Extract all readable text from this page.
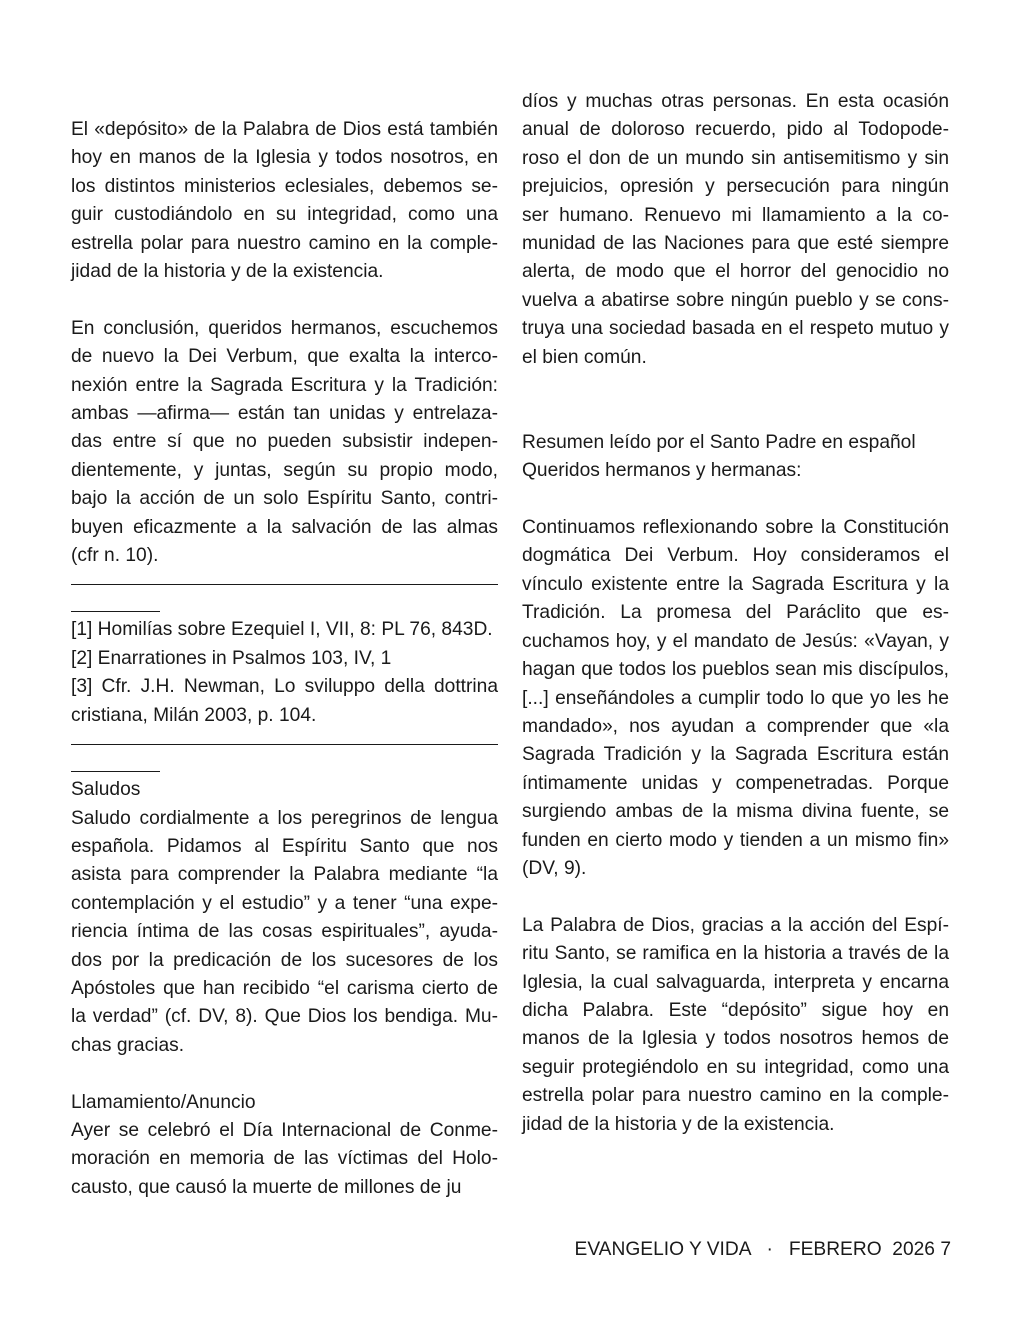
El «depósito» de la Palabra de Dios está también hoy en manos de la Iglesia y todos nosotros, en los distintos ministerios eclesiales, debemos seguir custodiándolo en su integridad, como una estrella polar para nuestro camino en la complejidad de la historia y de la existencia.

En conclusión, queridos hermanos, escuchemos de nuevo la Dei Verbum, que exalta la interconexión entre la Sagrada Escritura y la Tradición: ambas —afirma— están tan unidas y entrelazadas entre sí que no pueden subsistir independientemente, y juntas, según su propio modo, bajo la acción de un solo Espíritu Santo, contribuyen eficazmente a la salvación de las almas (cfr n. 10).

[1] Homilías sobre Ezequiel I, VII, 8: PL 76, 843D.

[2] Enarrationes in Psalmos 103, IV, 1

[3] Cfr. J.H. Newman, Lo sviluppo della dottrina cristiana, Milán 2003, p. 104.

Saludos

Saludo cordialmente a los peregrinos de lengua española. Pidamos al Espíritu Santo que nos asista para comprender la Palabra mediante “la contemplación y el estudio” y a tener “una experiencia íntima de las cosas espirituales”, ayudados por la predicación de los sucesores de los Apóstoles que han recibido “el carisma cierto de la verdad” (cf. DV, 8). Que Dios los bendiga. Muchas gracias.

Llamamiento/Anuncio

Ayer se celebró el Día Internacional de Conmemoración en memoria de las víctimas del Holocausto, que causó la muerte de millones de ju

díos y muchas otras personas. En esta ocasión anual de doloroso recuerdo, pido al Todopoderoso el don de un mundo sin antisemitismo y sin prejuicios, opresión y persecución para ningún ser humano. Renuevo mi llamamiento a la comunidad de las Naciones para que esté siempre alerta, de modo que el horror del genocidio no vuelva a abatirse sobre ningún pueblo y se construya una sociedad basada en el respeto mutuo y el bien común.

Resumen leído por el Santo Padre en español

Queridos hermanos y hermanas:

Continuamos reflexionando sobre la Constitución dogmática Dei Verbum. Hoy consideramos el vínculo existente entre la Sagrada Escritura y la Tradición. La promesa del Paráclito que escuchamos hoy, y el mandato de Jesús: «Vayan, y hagan que todos los pueblos sean mis discípulos, [...] enseñándoles a cumplir todo lo que yo les he mandado», nos ayudan a comprender que «la Sagrada Tradición y la Sagrada Escritura están íntimamente unidas y compenetradas. Porque surgiendo ambas de la misma divina fuente, se funden en cierto modo y tienden a un mismo fin» (DV, 9).

La Palabra de Dios, gracias a la acción del Espíritu Santo, se ramifica en la historia a través de la Iglesia, la cual salvaguarda, interpreta y encarna dicha Palabra. Este “depósito” sigue hoy en manos de la Iglesia y todos nosotros hemos de seguir protegiéndolo en su integridad, como una estrella polar para nuestro camino en la complejidad de la historia y de la existencia.

EVANGELIO Y VIDA · FEBRERO  2026 7
